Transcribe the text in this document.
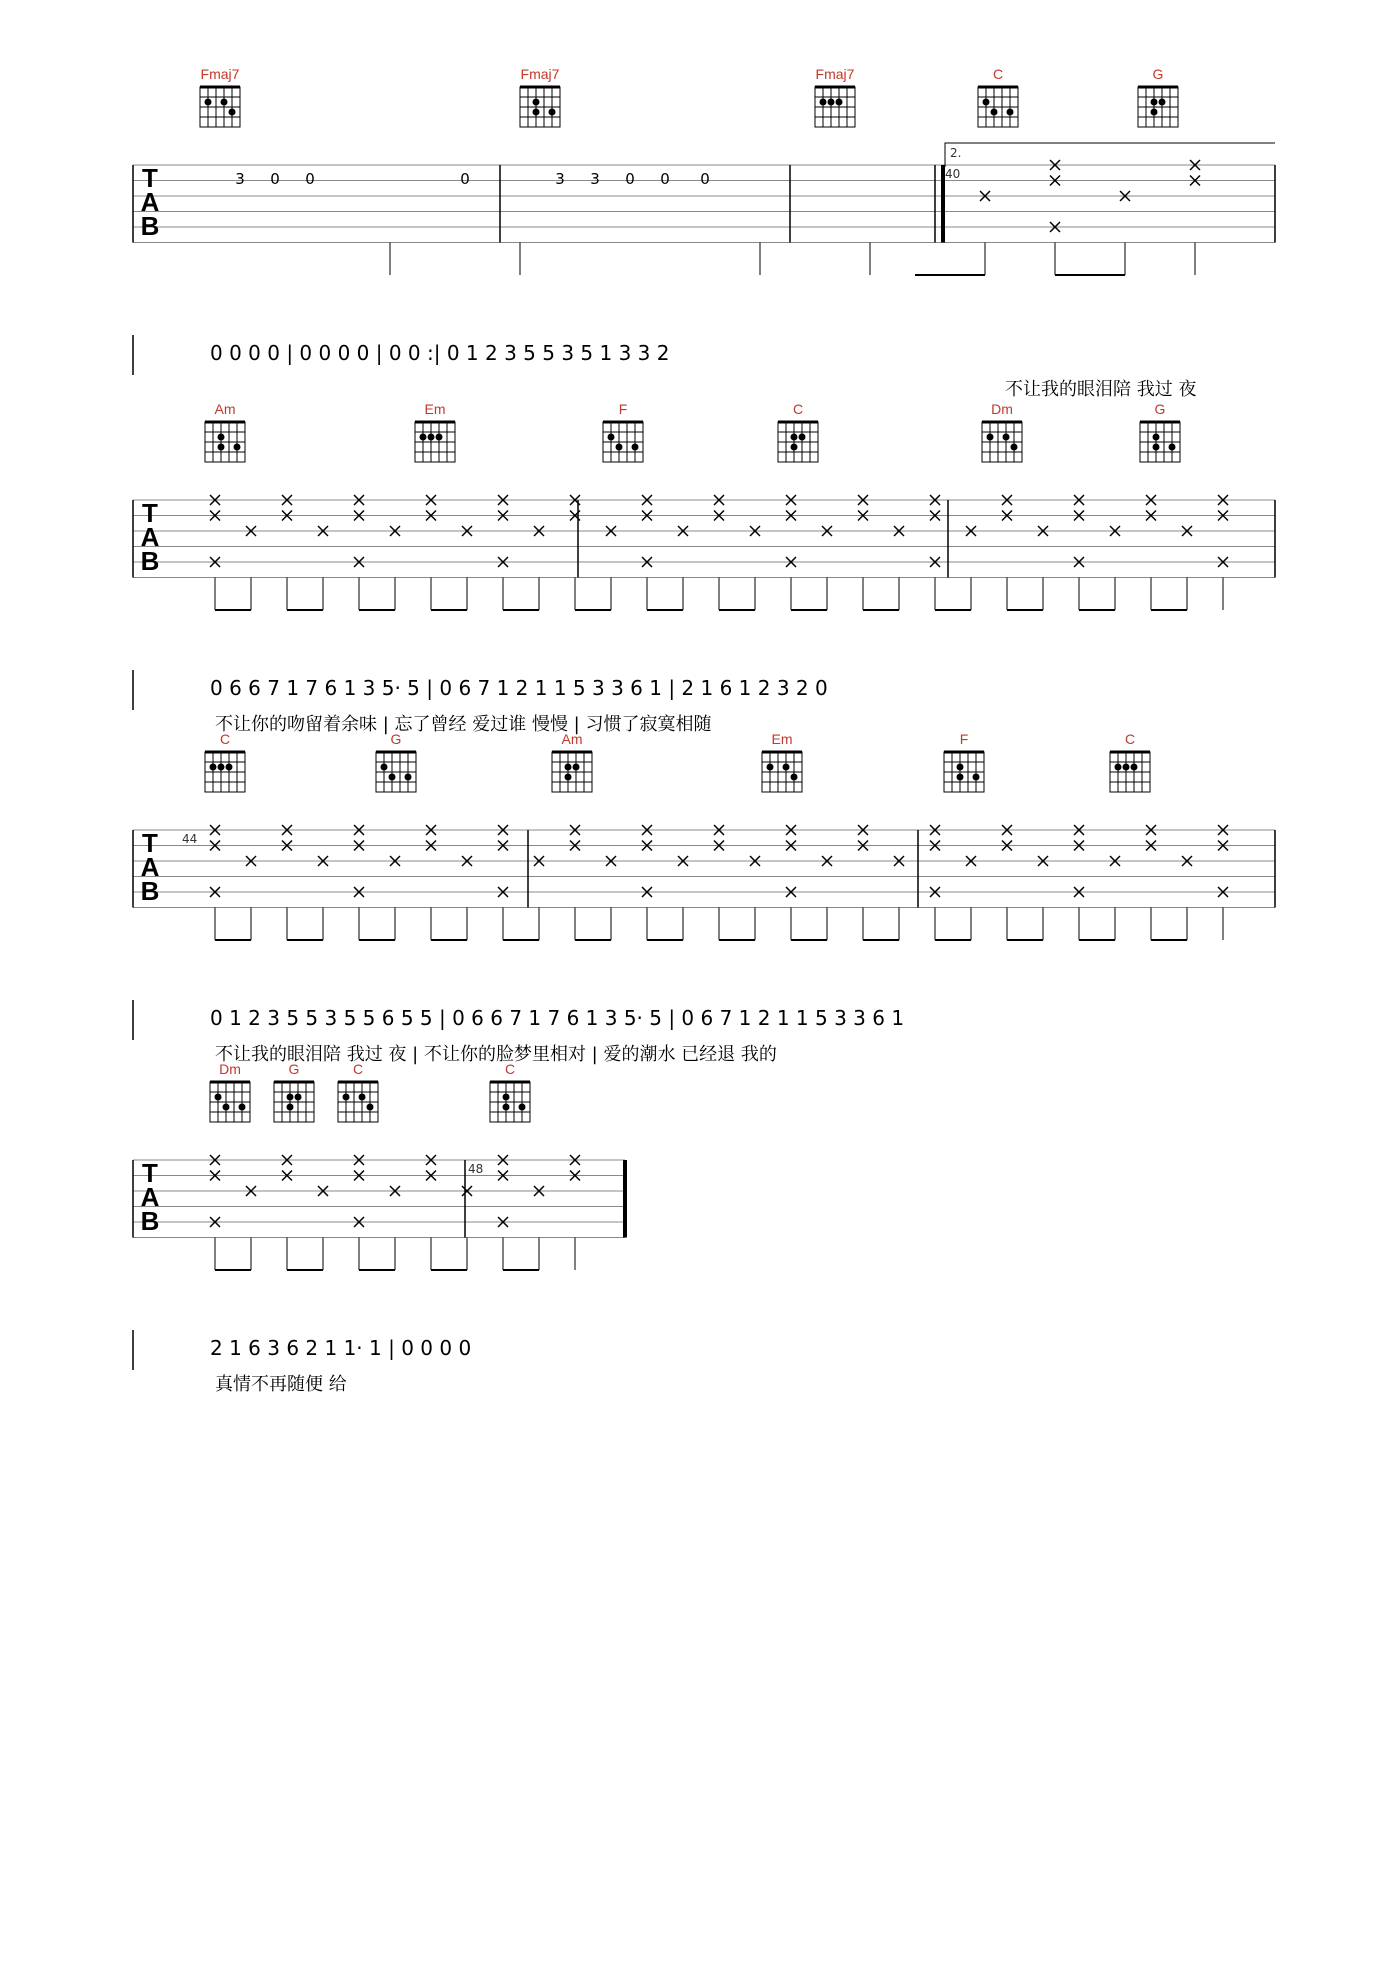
Fmaj7	Fmaj7	Fmaj7	C	G
T
A
B
40
2.
3 0 0	0	3 3 0 0 0
0 0 0 0 | 0 0 0 0 | 0 0 :| 0 1 2 3 5 5 3 5 1 3 3 2
不让我的眼泪陪 我过 夜
Am	Em	F	C	Dm	G
T
A
B
0 6 6 7 1 7 6 1 3 5· 5 | 0 6 7 1 2 1 1 5 3 3 6 1 | 2 1 6 1 2 3 2 0
不让你的吻留着余味 | 忘了曾经 爱过谁 慢慢 | 习惯了寂寞相随
C	G	Am	Em	F	C
T
A
B
44
0 1 2 3 5 5 3 5 5 6 5 5 | 0 6 6 7 1 7 6 1 3 5· 5 | 0 6 7 1 2 1 1 5 3 3 6 1
不让我的眼泪陪 我过 夜 | 不让你的脸梦里相对 | 爱的潮水 已经退 我的
Dm	G	C	C
T
A
B
48
2 1 6 3 6 2 1 1· 1 | 0 0 0 0
真情不再随便 给
